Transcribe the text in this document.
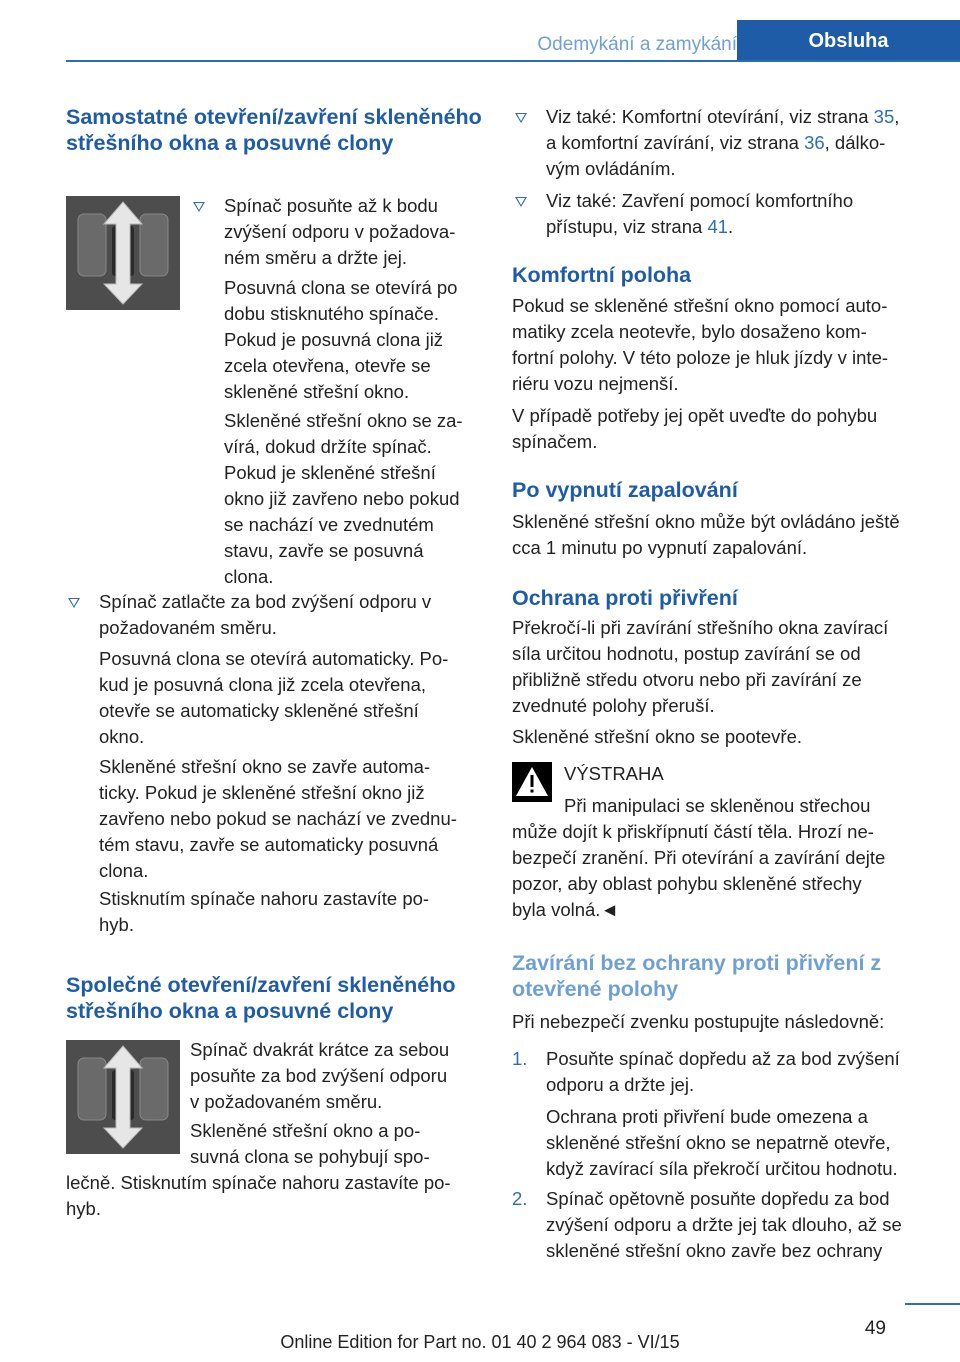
Odemykání a zamykání	Obsluha
Samostatné otevření/zavření skleněného střešního okna a posuvné clony
Spínač posuňte až k bodu
zvýšení odporu v požadova‐
ném směru a držte jej.
Posuvná clona se otevírá po
dobu stisknutého spínače.
Pokud je posuvná clona již
zcela otevřena, otevře se
skleněné střešní okno.
Skleněné střešní okno se za‐
vírá, dokud držíte spínač.
Pokud je skleněné střešní
okno již zavřeno nebo pokud
se nachází ve zvednutém
stavu, zavře se posuvná
clona.
Spínač zatlačte za bod zvýšení odporu v
požadovaném směru.
Posuvná clona se otevírá automaticky. Po‐
kud je posuvná clona již zcela otevřena,
otevře se automaticky skleněné střešní
okno.
Skleněné střešní okno se zavře automa‐
ticky. Pokud je skleněné střešní okno již
zavřeno nebo pokud se nachází ve zvednu‐
tém stavu, zavře se automaticky posuvná
clona.
Stisknutím spínače nahoru zastavíte po‐
hyb.
Společné otevření/zavření skleněného střešního okna a posuvné clony
Spínač dvakrát krátce za sebou
posuňte za bod zvýšení odporu
v požadovaném směru.
Skleněné střešní okno a po‐
suvná clona se pohybují spo‐
lečně. Stisknutím spínače nahoru zastavíte po‐
hyb.
Viz také: Komfortní otevírání, viz strana 35,
a komfortní zavírání, viz strana 36, dálko‐
vým ovládáním.
Viz také: Zavření pomocí komfortního
přístupu, viz strana 41.
Komfortní poloha
Pokud se skleněné střešní okno pomocí auto‐
matiky zcela neotevře, bylo dosaženo kom‐
fortní polohy. V této poloze je hluk jízdy v inte‐
riéru vozu nejmenší.
V případě potřeby jej opět uveďte do pohybu
spínačem.
Po vypnutí zapalování
Skleněné střešní okno může být ovládáno ještě
cca 1 minutu po vypnutí zapalování.
Ochrana proti přivření
Překročí-li při zavírání střešního okna zavírací
síla určitou hodnotu, postup zavírání se od
přibližně středu otvoru nebo při zavírání ze
zvednuté polohy přeruší.
Skleněné střešní okno se pootevře.
VÝSTRAHA
Při manipulaci se skleněnou střechou
může dojít k přiskřípnutí částí těla. Hrozí ne‐
bezpečí zranění. Při otevírání a zavírání dejte
pozor, aby oblast pohybu skleněné střechy
byla volná.◄
Zavírání bez ochrany proti přivření z otevřené polohy
Při nebezpečí zvenku postupujte následovně:
1. Posuňte spínač dopředu až za bod zvýšení
odporu a držte jej.
Ochrana proti přivření bude omezena a
skleněné střešní okno se nepatrně otevře,
když zavírací síla překročí určitou hodnotu.
2. Spínač opětovně posuňte dopředu za bod
zvýšení odporu a držte jej tak dlouho, až se
skleněné střešní okno zavře bez ochrany
49
Online Edition for Part no. 01 40 2 964 083 - VI/15
